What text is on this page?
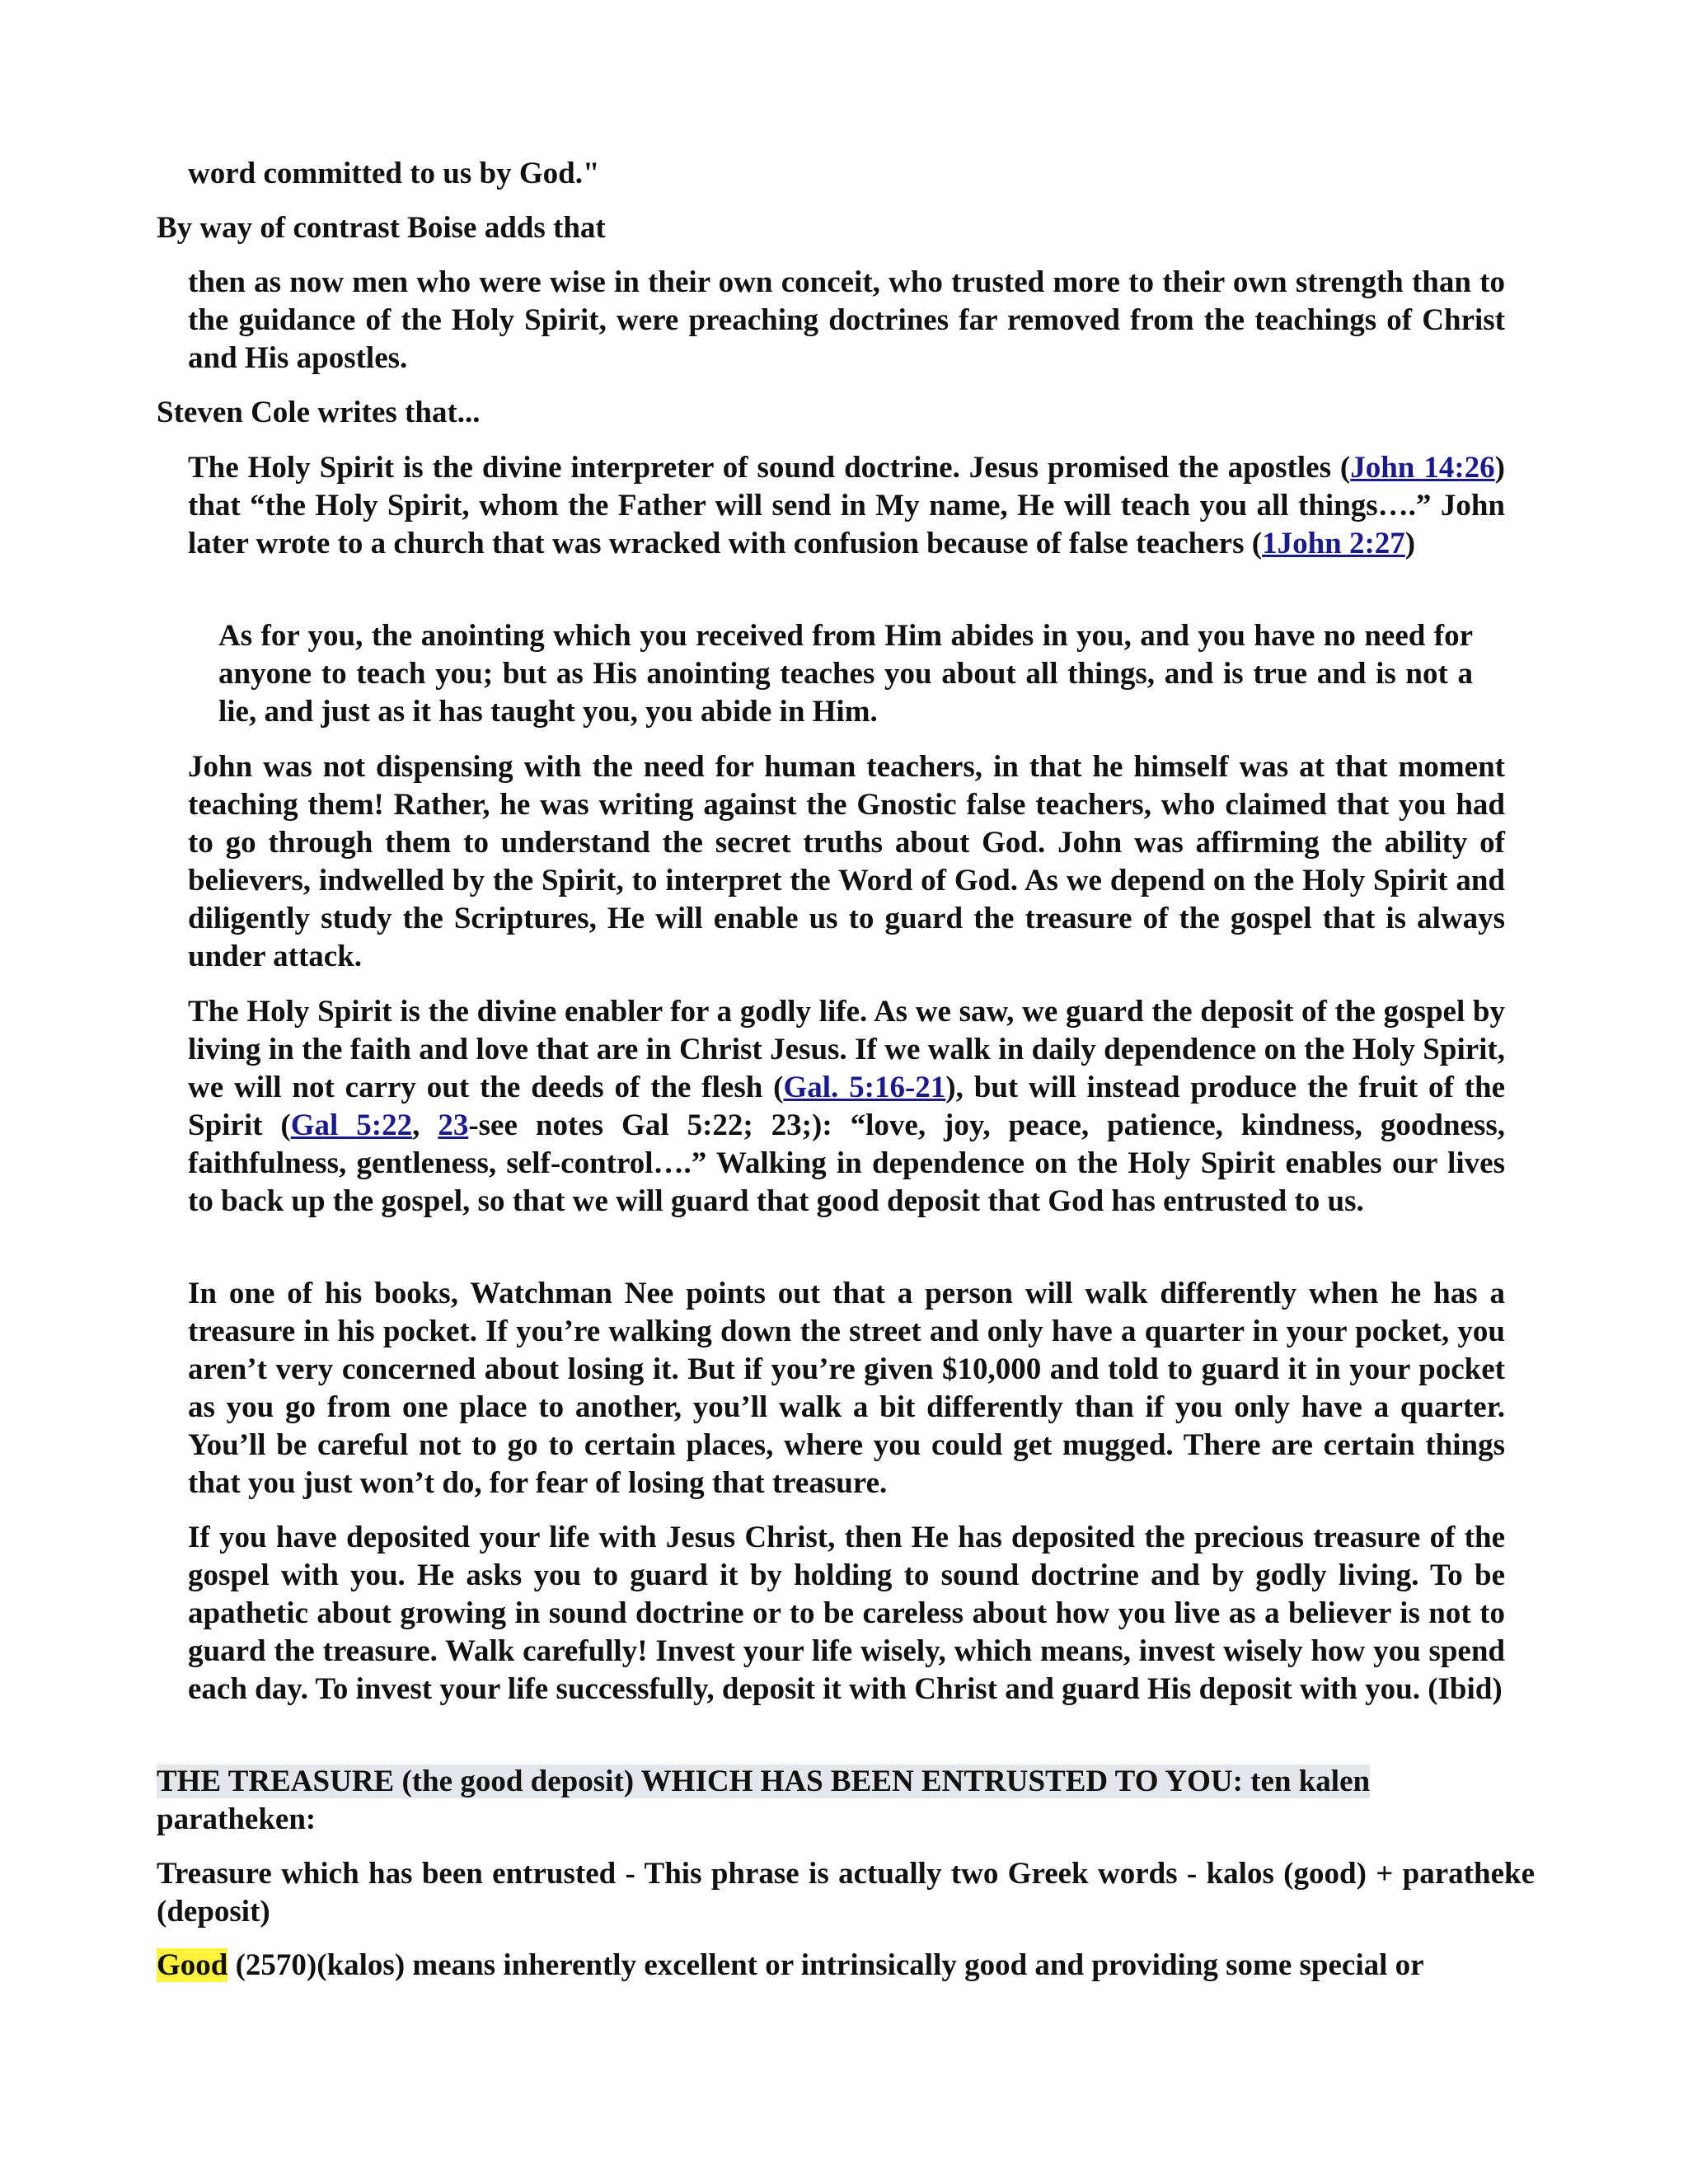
word committed to us by God."

By way of contrast Boise adds that

then as now men who were wise in their own conceit, who trusted more to their own strength than to the guidance of the Holy Spirit, were preaching doctrines far removed from the teachings of Christ and His apostles.

Steven Cole writes that...

The Holy Spirit is the divine interpreter of sound doctrine. Jesus promised the apostles (John 14:26) that “the Holy Spirit, whom the Father will send in My name, He will teach you all things….” John later wrote to a church that was wracked with confusion because of false teachers (1John 2:27)

As for you, the anointing which you received from Him abides in you, and you have no need for anyone to teach you; but as His anointing teaches you about all things, and is true and is not a lie, and just as it has taught you, you abide in Him.

John was not dispensing with the need for human teachers, in that he himself was at that moment teaching them! Rather, he was writing against the Gnostic false teachers, who claimed that you had to go through them to understand the secret truths about God. John was affirming the ability of believers, indwelled by the Spirit, to interpret the Word of God. As we depend on the Holy Spirit and diligently study the Scriptures, He will enable us to guard the treasure of the gospel that is always under attack.

The Holy Spirit is the divine enabler for a godly life. As we saw, we guard the deposit of the gospel by living in the faith and love that are in Christ Jesus. If we walk in daily dependence on the Holy Spirit, we will not carry out the deeds of the flesh (Gal. 5:16-21), but will instead produce the fruit of the Spirit (Gal 5:22, 23-see notes Gal 5:22; 23;): “love, joy, peace, patience, kindness, goodness, faithfulness, gentleness, self-control….” Walking in dependence on the Holy Spirit enables our lives to back up the gospel, so that we will guard that good deposit that God has entrusted to us.

In one of his books, Watchman Nee points out that a person will walk differently when he has a treasure in his pocket. If you’re walking down the street and only have a quarter in your pocket, you aren’t very concerned about losing it. But if you’re given $10,000 and told to guard it in your pocket as you go from one place to another, you’ll walk a bit differently than if you only have a quarter. You’ll be careful not to go to certain places, where you could get mugged. There are certain things that you just won’t do, for fear of losing that treasure.

If you have deposited your life with Jesus Christ, then He has deposited the precious treasure of the gospel with you. He asks you to guard it by holding to sound doctrine and by godly living. To be apathetic about growing in sound doctrine or to be careless about how you live as a believer is not to guard the treasure. Walk carefully! Invest your life wisely, which means, invest wisely how you spend each day. To invest your life successfully, deposit it with Christ and guard His deposit with you. (Ibid)

THE TREASURE (the good deposit) WHICH HAS BEEN ENTRUSTED TO YOU: ten kalen
paratheken:

Treasure which has been entrusted - This phrase is actually two Greek words - kalos (good) + paratheke (deposit)

Good (2570)(kalos) means inherently excellent or intrinsically good and providing some special or
